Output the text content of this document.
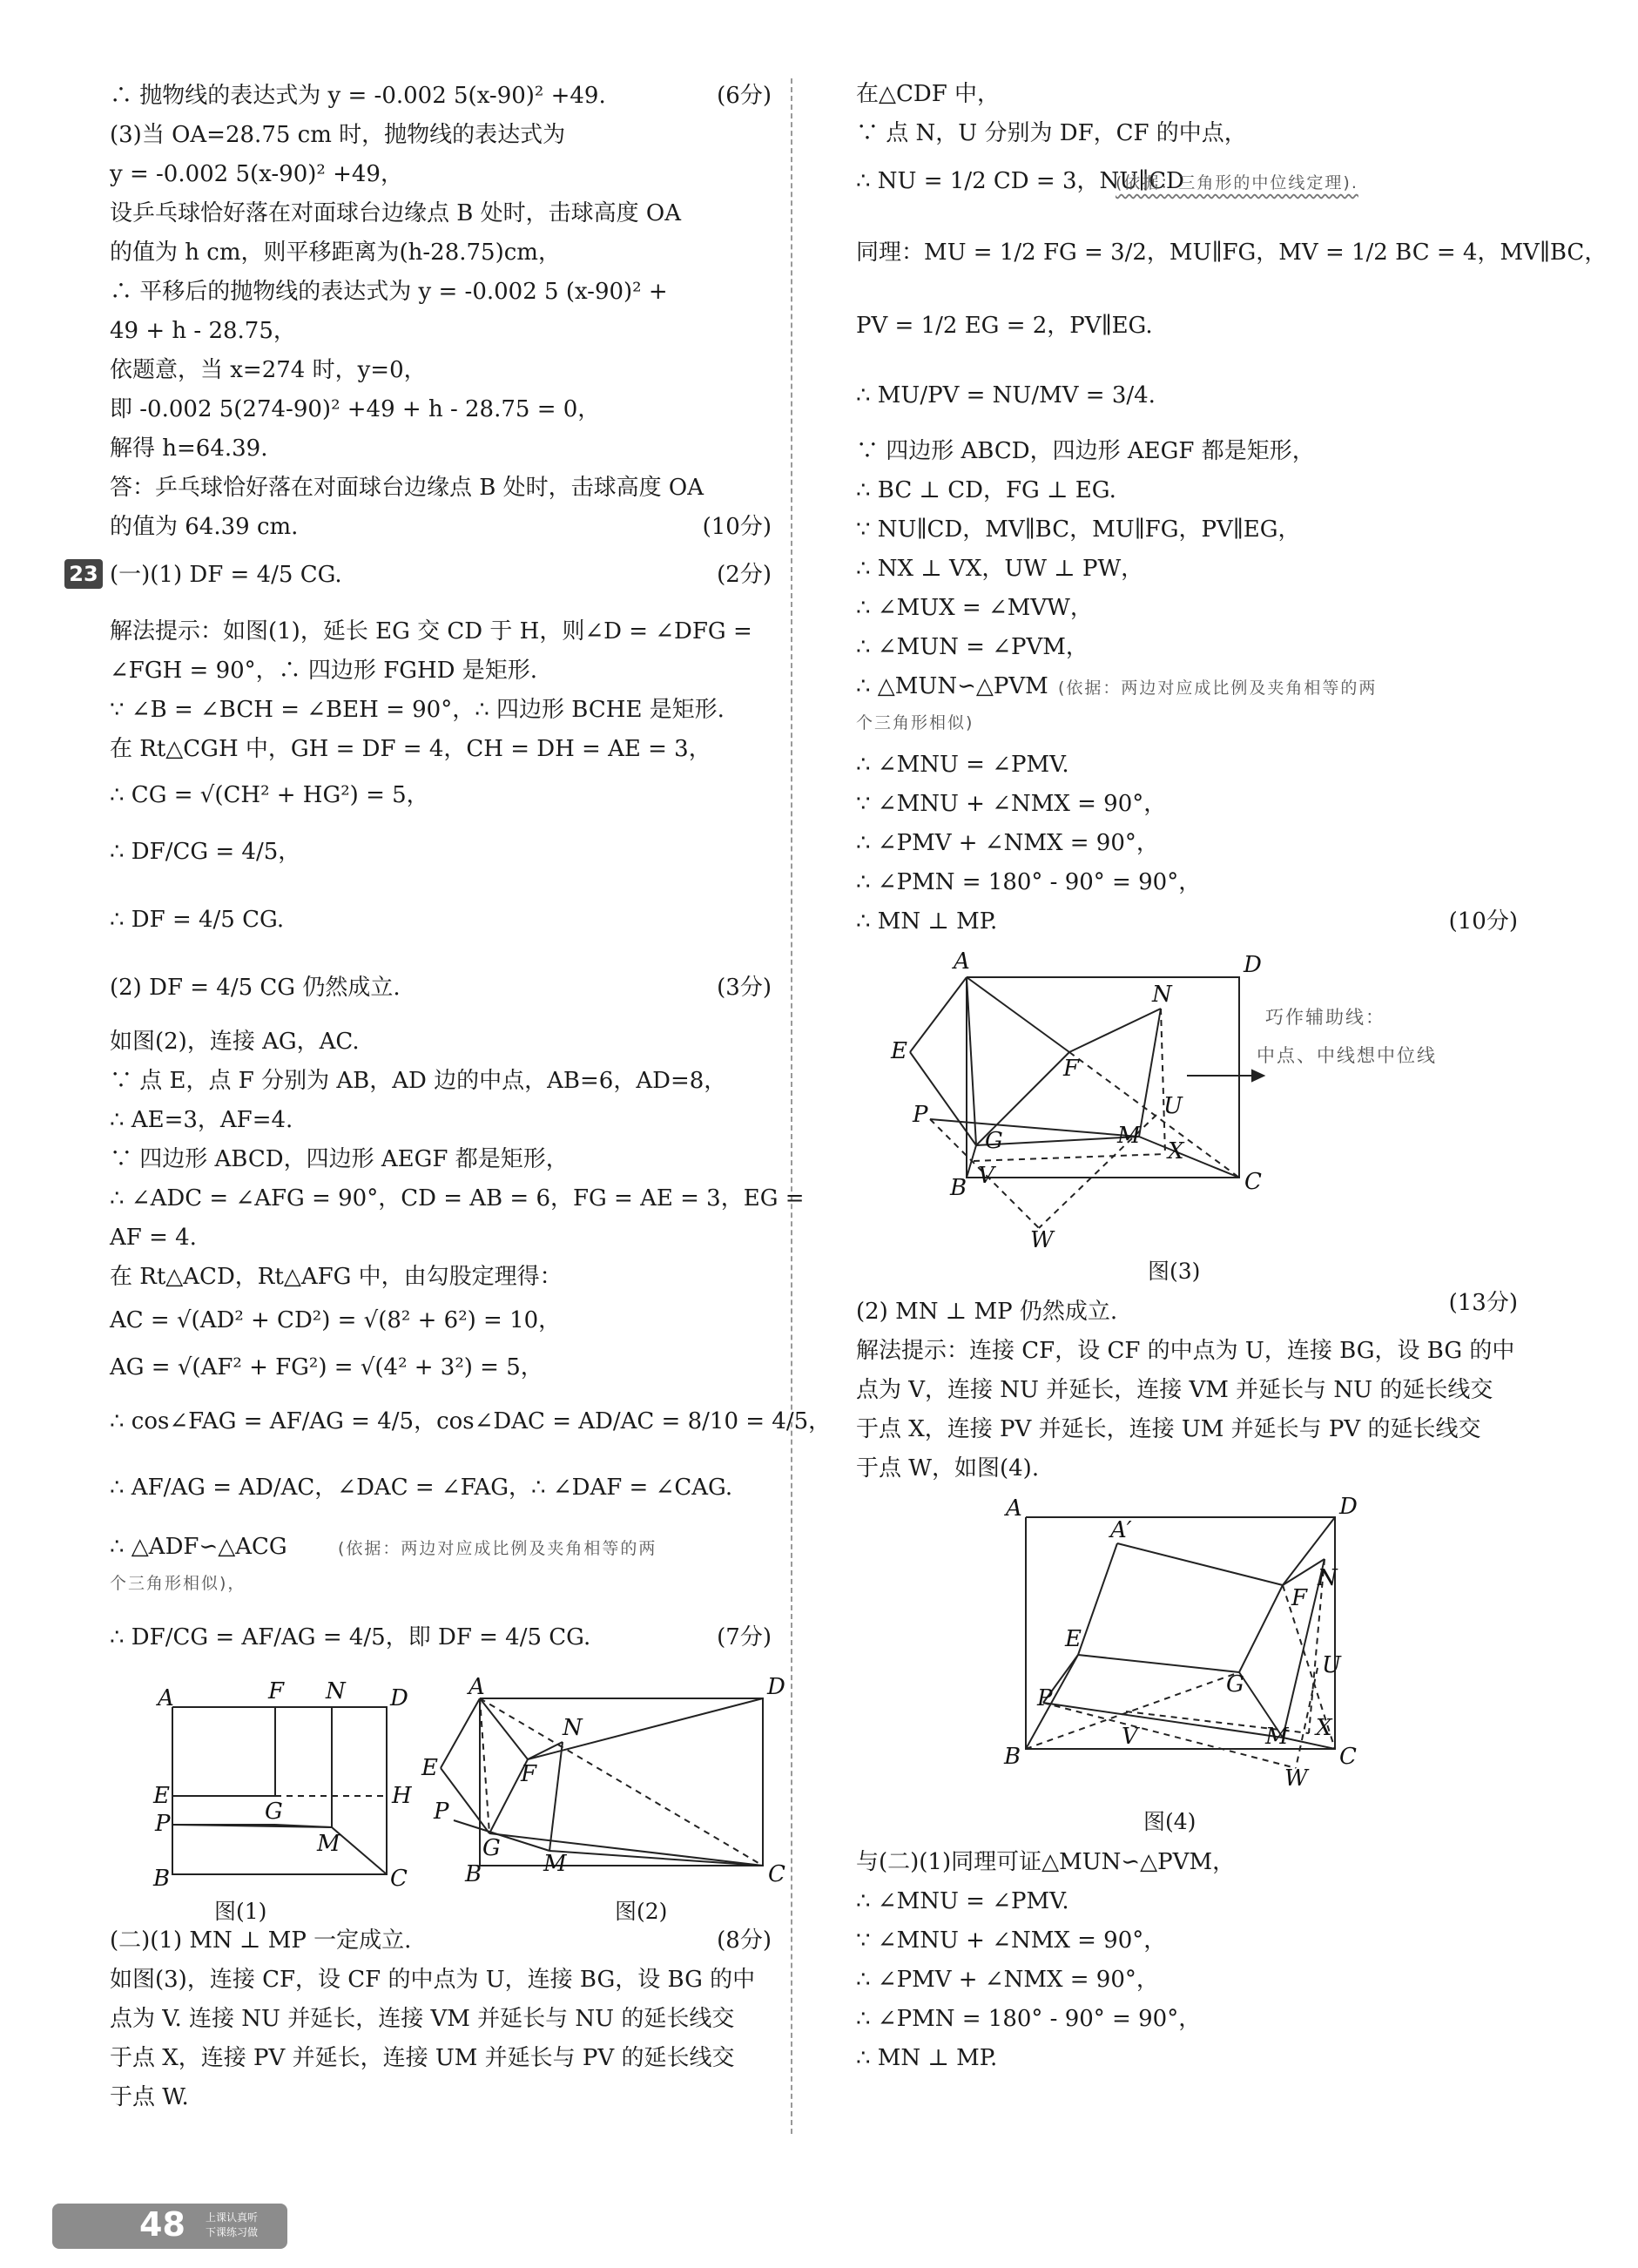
23
∴ 抛物线的表达式为 y = -0.002 5(x-90)² +49.	(6分)
(3)当 OA=28.75 cm 时，抛物线的表达式为
y = -0.002 5(x-90)² +49，
设乒乓球恰好落在对面球台边缘点 B 处时，击球高度 OA
的值为 h cm，则平移距离为(h-28.75)cm，
∴ 平移后的抛物线的表达式为 y = -0.002 5 (x-90)² +
49 + h - 28.75，
依题意，当 x=274 时，y=0，
即 -0.002 5(274-90)² +49 + h - 28.75 = 0，
解得 h=64.39.
答：乒乓球恰好落在对面球台边缘点 B 处时，击球高度 OA
的值为 64.39 cm.	(10分)
(一)(1) DF = 4/5 CG.	(2分)
解法提示：如图(1)，延长 EG 交 CD 于 H，则∠D = ∠DFG =
∠FGH = 90°，∴ 四边形 FGHD 是矩形.
∵ ∠B = ∠BCH = ∠BEH = 90°，∴ 四边形 BCHE 是矩形.
在 Rt△CGH 中，GH = DF = 4，CH = DH = AE = 3，
∴ CG = √(CH² + HG²) = 5，
∴ DF/CG = 4/5，
∴ DF = 4/5 CG.
(2) DF = 4/5 CG 仍然成立.	(3分)
如图(2)，连接 AG，AC.
∵ 点 E，点 F 分别为 AB，AD 边的中点，AB=6，AD=8，
∴ AE=3，AF=4.
∵ 四边形 ABCD，四边形 AEGF 都是矩形，
∴ ∠ADC = ∠AFG = 90°，CD = AB = 6，FG = AE = 3，EG =
AF = 4.
在 Rt△ACD，Rt△AFG 中，由勾股定理得：
AC = √(AD² + CD²) = √(8² + 6²) = 10，
AG = √(AF² + FG²) = √(4² + 3²) = 5，
∴ cos∠FAG = AF/AG = 4/5，cos∠DAC = AD/AC = 8/10 = 4/5，
∴ AF/AG = AD/AC，∠DAC = ∠FAG，∴ ∠DAF = ∠CAG.
∴ △ADF∽△ACG	(依据：两边对应成比例及夹角相等的两
个三角形相似)，
∴ DF/CG = AF/AG = 4/5，即 DF = 4/5 CG.	(7分)
A	F N D
E	H
G
P
M
B	C
图(1)
A	D
N
E	F
P
G
M
B	C
图(2)
(二)(1) MN ⊥ MP 一定成立.	(8分)
如图(3)，连接 CF，设 CF 的中点为 U，连接 BG，设 BG 的中
点为 V. 连接 NU 并延长，连接 VM 并延长与 NU 的延长线交
于点 X，连接 PV 并延长，连接 UM 并延长与 PV 的延长线交
于点 W.
在△CDF 中，
∵ 点 N，U 分别为 DF，CF 的中点，
∴ NU = 1/2 CD = 3，NU∥CD
(依据：三角形的中位线定理).
同理：MU = 1/2 FG = 3/2，MU∥FG，MV = 1/2 BC = 4，MV∥BC，
PV = 1/2 EG = 2，PV∥EG.
∴ MU/PV = NU/MV = 3/4.
∵ 四边形 ABCD，四边形 AEGF 都是矩形，
∴ BC ⊥ CD，FG ⊥ EG.
∵ NU∥CD，MV∥BC，MU∥FG，PV∥EG，
∴ NX ⊥ VX，UW ⊥ PW，
∴ ∠MUX = ∠MVW，
∴ ∠MUN = ∠PVM，
∴ △MUN∽△PVM (依据：两边对应成比例及夹角相等的两
个三角形相似)
∴ ∠MNU = ∠PMV.
∵ ∠MNU + ∠NMX = 90°，
∴ ∠PMV + ∠NMX = 90°，
∴ ∠PMN = 180° - 90° = 90°，
∴ MN ⊥ MP.	(10分)
A	D
N
E
F
U
P
G	M
X
B V	C
W
巧作辅助线：
中点、中线想中位线
图(3)
(2) MN ⊥ MP 仍然成立.	(13分)
解法提示：连接 CF，设 CF 的中点为 U，连接 BG，设 BG 的中
点为 V，连接 NU 并延长，连接 VM 并延长与 NU 的延长线交
于点 X，连接 PV 并延长，连接 UM 并延长与 PV 的延长线交
于点 W，如图(4).
A	D
A′
N
F
E
U
G
P
M X
V
B
W
C
图(4)
与(二)(1)同理可证△MUN∽△PVM，
∴ ∠MNU = ∠PMV.
∵ ∠MNU + ∠NMX = 90°，
∴ ∠PMV + ∠NMX = 90°，
∴ ∠PMN = 180° - 90° = 90°，
∴ MN ⊥ MP.
48 上课认真听
下课练习做
